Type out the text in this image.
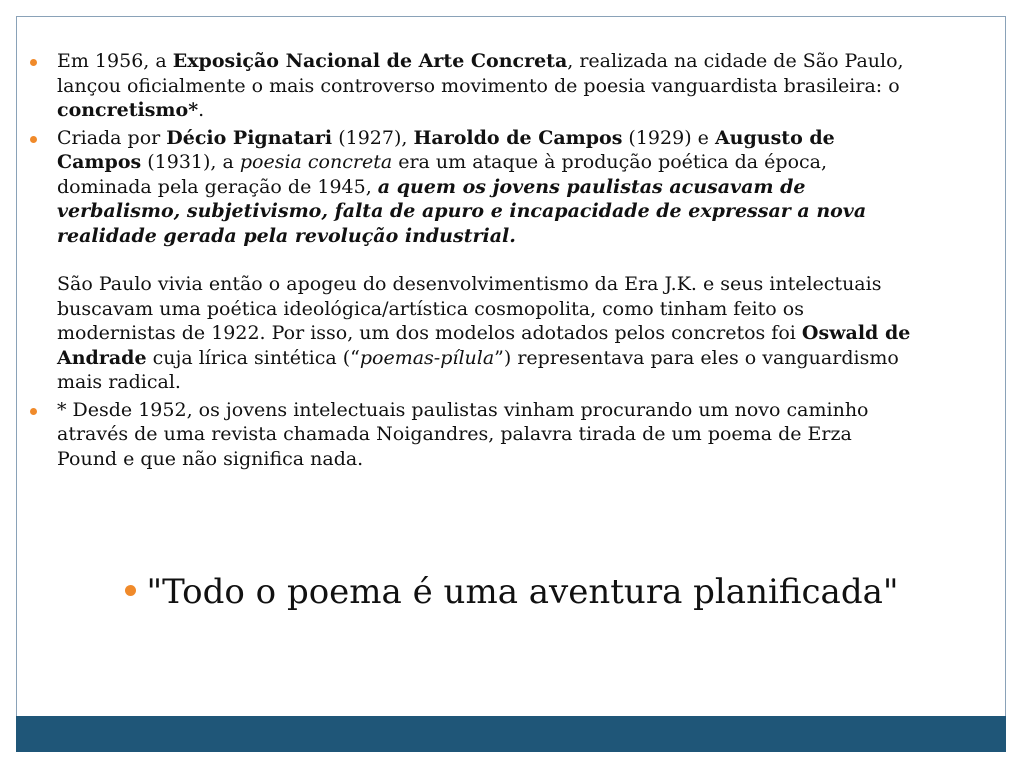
Em 1956, a Exposição Nacional de Arte Concreta, realizada na cidade de São Paulo, lançou oficialmente o mais controverso movimento de poesia vanguardista brasileira: o concretismo*.
Criada por Décio Pignatari (1927), Haroldo de Campos (1929) e Augusto de Campos (1931), a poesia concreta era um ataque à produção poética da época, dominada pela geração de 1945, a quem os jovens paulistas acusavam de verbalismo, subjetivismo, falta de apuro e incapacidade de expressar a nova realidade gerada pela revolução industrial.
São Paulo vivia então o apogeu do desenvolvimentismo da Era J.K. e seus intelectuais buscavam uma poética ideológica/artística cosmopolita, como tinham feito os modernistas de 1922. Por isso, um dos modelos adotados pelos concretos foi Oswald de Andrade cuja lírica sintética (“poemas-pílula”) representava para eles o vanguardismo mais radical.
* Desde 1952, os jovens intelectuais paulistas vinham procurando um novo caminho através de uma revista chamada Noigandres, palavra tirada de um poema de Erza Pound e que não significa nada.
"Todo o poema é uma aventura planificada"
